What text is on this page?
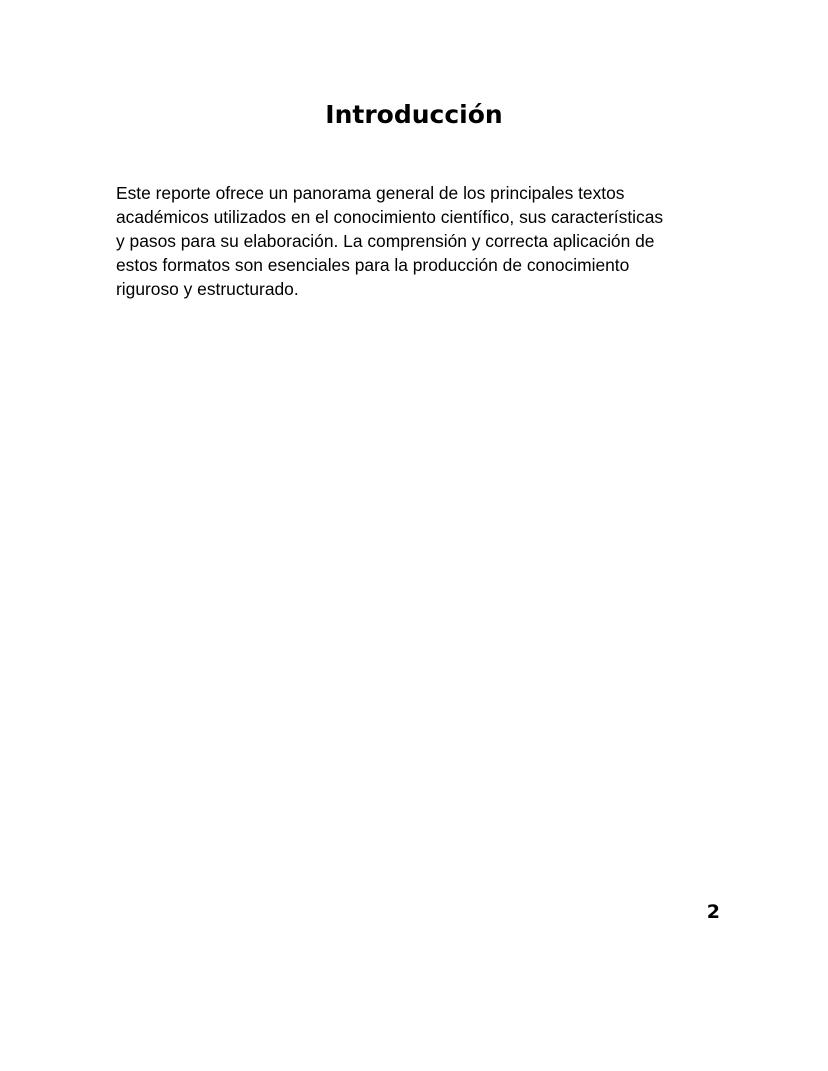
Introducción

Este reporte ofrece un panorama general de los principales textos
académicos utilizados en el conocimiento científico, sus características
y pasos para su elaboración. La comprensión y correcta aplicación de
estos formatos son esenciales para la producción de conocimiento
riguroso y estructurado.

2
